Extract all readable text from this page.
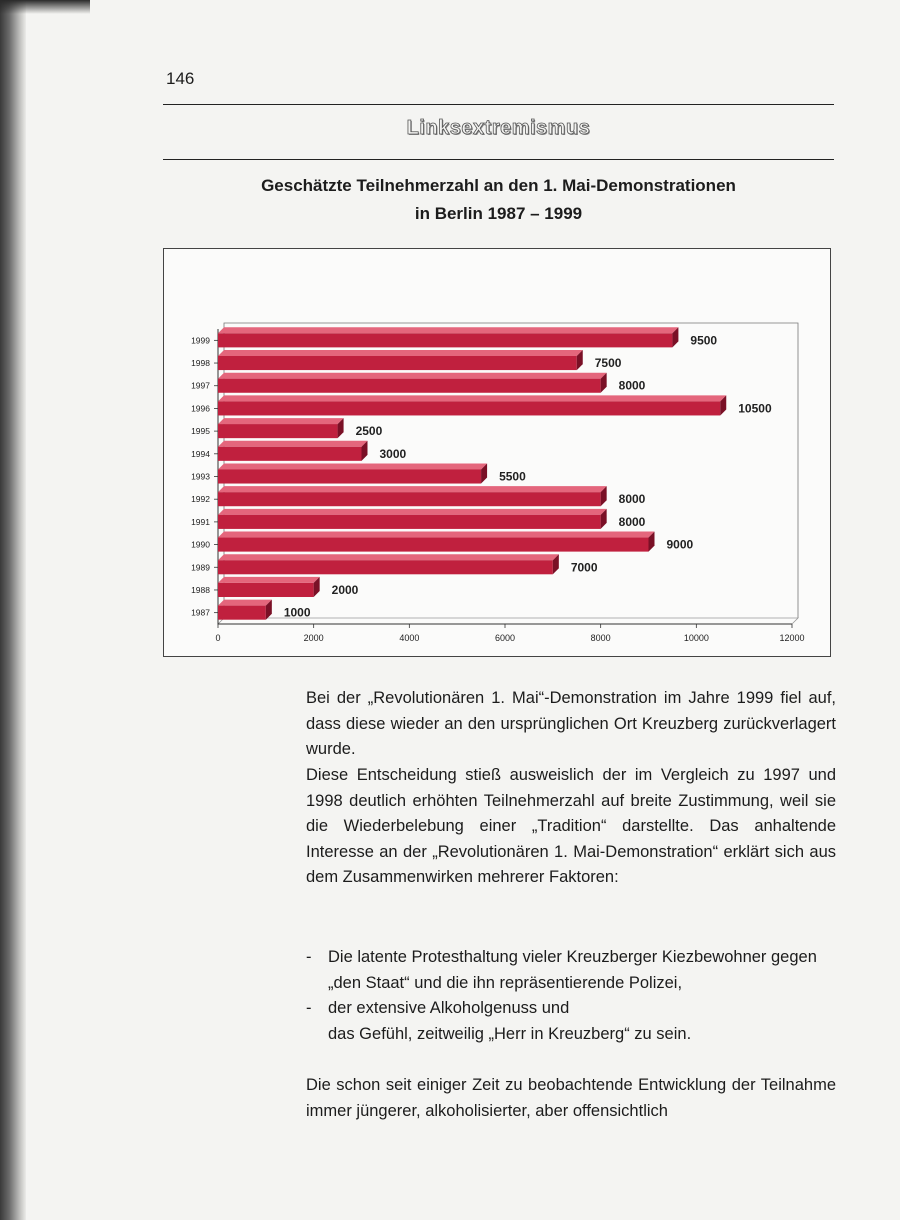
146
Linksextremismus
Geschätzte Teilnehmerzahl an den 1. Mai-Demonstrationen
in Berlin 1987 – 1999
0	2000	4000	6000	8000	10000	12000
1999	9500
1998	7500
1997	8000
1996	10500
1995	2500
1994	3000
1993	5500
1992	8000
1991	8000
1990	9000
1989	7000
1988	2000
1987	1000
Bei der „Revolutionären 1. Mai“-Demonstration im Jahre 1999 fiel auf, dass diese wieder an den ursprünglichen Ort Kreuzberg zurückverlagert wurde.
Diese Entscheidung stieß ausweislich der im Vergleich zu 1997 und 1998 deutlich erhöhten Teilnehmerzahl auf breite Zustimmung, weil sie die Wiederbelebung einer „Tradition“ darstellte. Das anhaltende Interesse an der „Revolutionären 1. Mai-Demonstration“ erklärt sich aus dem Zusammenwirken mehrerer Faktoren:
- Die latente Protesthaltung vieler Kreuzberger Kiezbewohner gegen „den Staat“ und die ihn repräsentierende Polizei,
- der extensive Alkoholgenuss und
das Gefühl, zeitweilig „Herr in Kreuzberg“ zu sein.
Die schon seit einiger Zeit zu beobachtende Entwicklung der Teilnahme immer jüngerer, alkoholisierter, aber offensichtlich
